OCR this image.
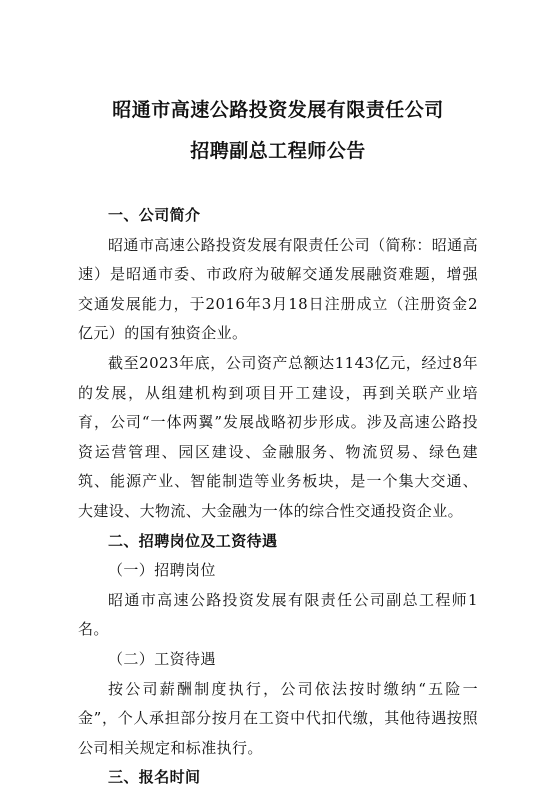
昭通市高速公路投资发展有限责任公司
招聘副总工程师公告
一、公司简介

昭通市高速公路投资发展有限责任公司（简称：昭通高速）是昭通市委、市政府为破解交通发展融资难题，增强交通发展能力，于2016年3月18日注册成立（注册资金2亿元）的国有独资企业。

截至2023年底，公司资产总额达1143亿元，经过8年的发展，从组建机构到项目开工建设，再到关联产业培育，公司“一体两翼”发展战略初步形成。涉及高速公路投资运营管理、园区建设、金融服务、物流贸易、绿色建筑、能源产业、智能制造等业务板块，是一个集大交通、大建设、大物流、大金融为一体的综合性交通投资企业。

二、招聘岗位及工资待遇
（一）招聘岗位

昭通市高速公路投资发展有限责任公司副总工程师1名。

（二）工资待遇

按公司薪酬制度执行，公司依法按时缴纳“五险一金”，个人承担部分按月在工资中代扣代缴，其他待遇按照公司相关规定和标准执行。

三、报名时间
